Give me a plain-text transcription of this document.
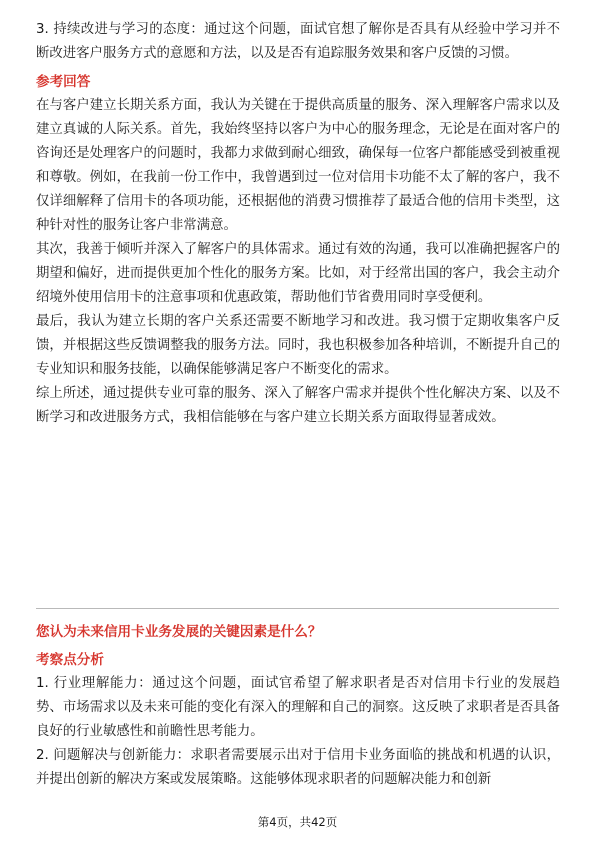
3. 持续改进与学习的态度：通过这个问题，面试官想了解你是否具有从经验中学习并不断改进客户服务方式的意愿和方法，以及是否有追踪服务效果和客户反馈的习惯。

参考回答

在与客户建立长期关系方面，我认为关键在于提供高质量的服务、深入理解客户需求以及建立真诚的人际关系。首先，我始终坚持以客户为中心的服务理念，无论是在面对客户的咨询还是处理客户的问题时，我都力求做到耐心细致，确保每一位客户都能感受到被重视和尊敬。例如，在我前一份工作中，我曾遇到过一位对信用卡功能不太了解的客户，我不仅详细解释了信用卡的各项功能，还根据他的消费习惯推荐了最适合他的信用卡类型，这种针对性的服务让客户非常满意。

其次，我善于倾听并深入了解客户的具体需求。通过有效的沟通，我可以准确把握客户的期望和偏好，进而提供更加个性化的服务方案。比如，对于经常出国的客户，我会主动介绍境外使用信用卡的注意事项和优惠政策，帮助他们节省费用同时享受便利。

最后，我认为建立长期的客户关系还需要不断地学习和改进。我习惯于定期收集客户反馈，并根据这些反馈调整我的服务方法。同时，我也积极参加各种培训，不断提升自己的专业知识和服务技能，以确保能够满足客户不断变化的需求。

综上所述，通过提供专业可靠的服务、深入了解客户需求并提供个性化解决方案、以及不断学习和改进服务方式，我相信能够在与客户建立长期关系方面取得显著成效。

您认为未来信用卡业务发展的关键因素是什么？

考察点分析

1. 行业理解能力：通过这个问题，面试官希望了解求职者是否对信用卡行业的发展趋势、市场需求以及未来可能的变化有深入的理解和自己的洞察。这反映了求职者是否具备良好的行业敏感性和前瞻性思考能力。

2. 问题解决与创新能力：求职者需要展示出对于信用卡业务面临的挑战和机遇的认识，并提出创新的解决方案或发展策略。这能够体现求职者的问题解决能力和创新

第4页，共42页
